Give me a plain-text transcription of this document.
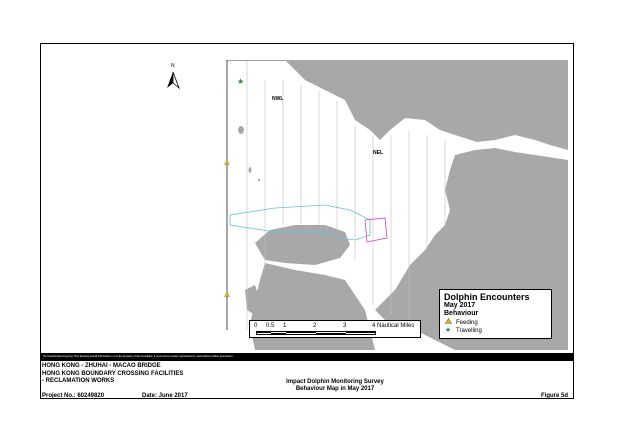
★
N
NWL
NEL
0 0.5 1	2	3	4 Nautical Miles
Dolphin Encounters
May 2017
Behaviour
Feeding
★ Travelling
No Unauthorised Copying: This drawing and all information in it is the property of the consultant. It must not be copied, reproduced or used without written permission.
HONG KONG - ZHUHAI - MACAO BRIDGE
HONG KONG BOUNDARY CROSSING FACILITIES
- RECLAMATION WORKS
Project No.: 60249820	Date: June 2017
Impact Dolphin Monitoring Survey
Behaviour Map in May 2017
Figure 5d
